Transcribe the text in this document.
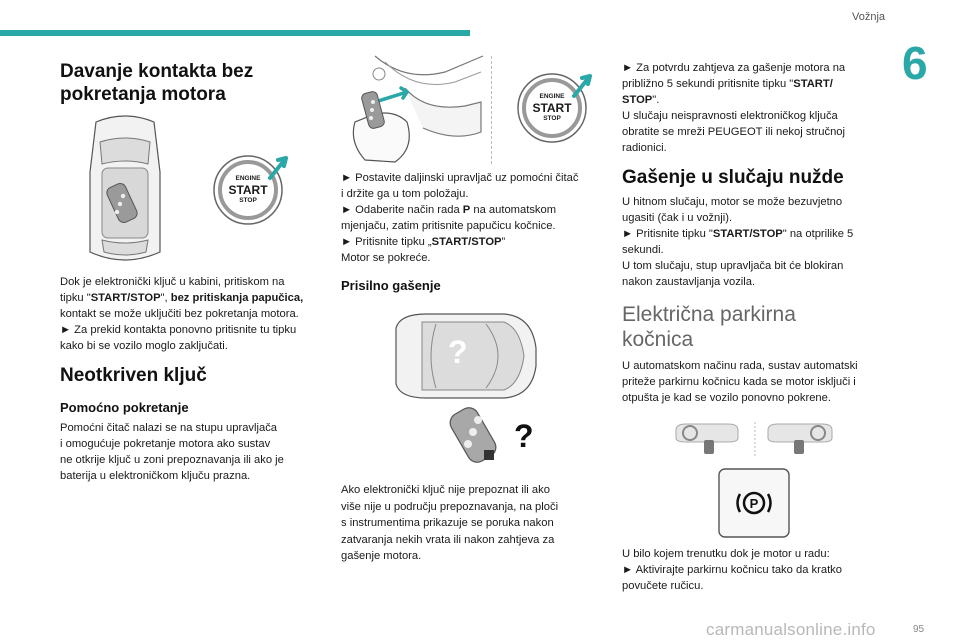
Vožnja
6
Davanje kontakta bez
pokretanja motora
ENGINE
START
STOP
Dok je elektronički ključ u kabini, pritiskom na
tipku "START/STOP", bez pritiskanja papučica,
kontakt se može uključiti bez pokretanja motora.
► Za prekid kontakta ponovno pritisnite tu tipku
kako bi se vozilo moglo zaključati.
Neotkriven ključ
Pomoćno pokretanje
Pomoćni čitač nalazi se na stupu upravljača
i omogućuje pokretanje motora ako sustav
ne otkrije ključ u zoni prepoznavanja ili ako je
baterija u elektroničkom ključu prazna.
ENGINE
START
STOP
► Postavite daljinski upravljač uz pomoćni čitač
i držite ga u tom položaju.
► Odaberite način rada P na automatskom
mjenjaču, zatim pritisnite papučicu kočnice.
► Pritisnite tipku „START/STOP”
Motor se pokreće.
Prisilno gašenje
?
?
Ako elektronički ključ nije prepoznat ili ako
više nije u području prepoznavanja, na ploči
s instrumentima prikazuje se poruka nakon
zatvaranja nekih vrata ili nakon zahtjeva za
gašenje motora.
► Za potvrdu zahtjeva za gašenje motora na
približno 5 sekundi pritisnite tipku "START/
STOP".
U slučaju neispravnosti elektroničkog ključa
obratite se mreži PEUGEOT ili nekoj stručnoj
radionici.
Gašenje u slučaju nužde
U hitnom slučaju, motor se može bezuvjetno
ugasiti (čak i u vožnji).
► Pritisnite tipku "START/STOP" na otprilike 5
sekundi.
U tom slučaju, stup upravljača bit će blokiran
nakon zaustavljanja vozila.
Električna parkirna
kočnica
U automatskom načinu rada, sustav automatski
priteže parkirnu kočnicu kada se motor isključi i
otpušta je kad se vozilo ponovno pokrene.
P
U bilo kojem trenutku dok je motor u radu:
► Aktivirajte parkirnu kočnicu tako da kratko
povučete ručicu.
carmanualsonline.info	95
